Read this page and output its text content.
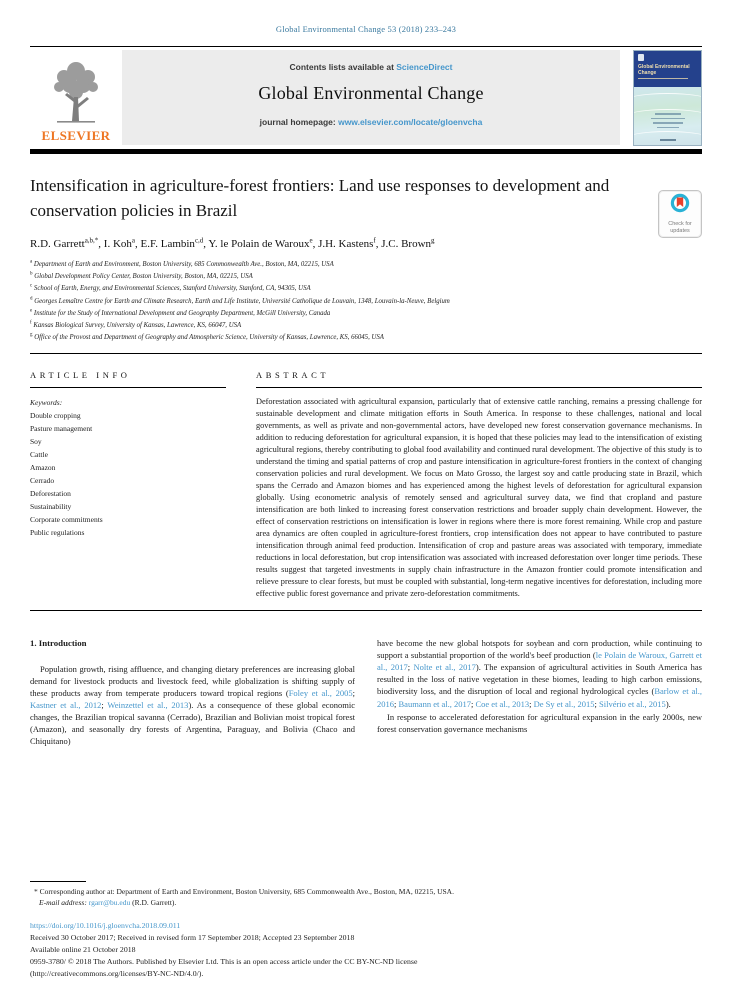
Global Environmental Change 53 (2018) 233–243
ELSEVIER
Contents lists available at ScienceDirect
Global Environmental Change
journal homepage: www.elsevier.com/locate/gloenvcha
Global Environmental Change
Intensification in agriculture-forest frontiers: Land use responses to development and conservation policies in Brazil
Check for updates
R.D. Garrett$^{a,b,*}$, I. Koh$^a$, E.F. Lambin$^{c,d}$, Y. le Polain de Waroux$^e$, J.H. Kastens$^f$, J.C. Brown$^g$
$^a$ Department of Earth and Environment, Boston University, 685 Commonwealth Ave., Boston, MA, 02215, USA
$^b$ Global Development Policy Center, Boston University, Boston, MA, 02215, USA
$^c$ School of Earth, Energy, and Environmental Sciences, Stanford University, Stanford, CA, 94305, USA
$^d$ Georges Lemaître Centre for Earth and Climate Research, Earth and Life Institute, Université Catholique de Louvain, 1348, Louvain-la-Neuve, Belgium
$^e$ Institute for the Study of International Development and Geography Department, McGill University, Canada
$^f$ Kansas Biological Survey, University of Kansas, Lawrence, KS, 66047, USA
$^g$ Office of the Provost and Department of Geography and Atmospheric Science, University of Kansas, Lawrence, KS, 66045, USA
ARTICLE INFO
Keywords:
Double cropping
Pasture management
Soy
Cattle
Amazon
Cerrado
Deforestation
Sustainability
Corporate commitments
Public regulations
ABSTRACT

Deforestation associated with agricultural expansion, particularly that of extensive cattle ranching, remains a pressing challenge for sustainable development and climate mitigation efforts in South America. In response to these challenges, national and local governments, as well as private and non-governmental actors, have developed new forest conservation governance mechanisms. In addition to reducing deforestation for agricultural expansion, it is hoped that these policies may lead to the intensification of existing agricultural regions, thereby contributing to global food availability and continued rural development. The objective of this study is to understand the timing and spatial patterns of crop and pasture intensification in agriculture-forest frontiers in the context of changing conservation policies and rural development. We focus on Mato Grosso, the largest soy and cattle producing state in Brazil, which spans the Cerrado and Amazon biomes and has experienced among the highest levels of deforestation for agricultural expansion globally. Using econometric analysis of remotely sensed and agricultural survey data, we find that cropland and pasture intensification are both linked to increasing forest conservation restrictions and broader supply chain development. However, the effect of conservation restrictions on intensification is lower in regions where there is more forest remaining. While crop and pasture area dynamics are often coupled in agriculture-forest frontiers, crop intensification does not appear to have contributed to pasture intensification through animal feed production. Intensification of crop and pasture areas was associated with temporary, immediate reductions in local deforestation, but crop intensification was associated with increased deforestation over longer time periods. These results suggest that targeted investments in supply chain infrastructure in the Amazon frontier could promote intensification and relieve pressure to clear forests, but must be coupled with substantial, long-term negative incentives for deforestation, including more effective public forest governance and private zero-deforestation commitments.

1. Introduction

Population growth, rising affluence, and changing dietary preferences are increasing global demand for livestock products and livestock feed, while globalization is shifting supply of these products away from temperate producers toward tropical regions (Foley et al., 2005; Kastner et al., 2012; Weinzettel et al., 2013). As a consequence of these global economic changes, the Brazilian tropical savanna (Cerrado), Brazilian and Bolivian moist tropical forest (Amazon), and seasonally dry forests of Argentina, Paraguay, and Bolivia (Chaco and Chiquitano)

have become the new global hotspots for soybean and corn production, while continuing to support a substantial proportion of the world's beef production (le Polain de Waroux, Garrett et al., 2017; Nolte et al., 2017). The expansion of agricultural activities in South America has resulted in the loss of native vegetation in these biomes, leading to high carbon emissions, biodiversity loss, and the disruption of local and regional hydrological cycles (Barlow et al., 2016; Baumann et al., 2017; Coe et al., 2013; De Sy et al., 2015; Silvério et al., 2015).

In response to accelerated deforestation for agricultural expansion in the early 2000s, new forest conservation governance mechanisms

* Corresponding author at: Department of Earth and Environment, Boston University, 685 Commonwealth Ave., Boston, MA, 02215, USA.
E-mail address: rgarr@bu.edu (R.D. Garrett).
https://doi.org/10.1016/j.gloenvcha.2018.09.011
Received 30 October 2017; Received in revised form 17 September 2018; Accepted 23 September 2018
Available online 21 October 2018
0959-3780/ © 2018 The Authors. Published by Elsevier Ltd. This is an open access article under the CC BY-NC-ND license
(http://creativecommons.org/licenses/BY-NC-ND/4.0/).
